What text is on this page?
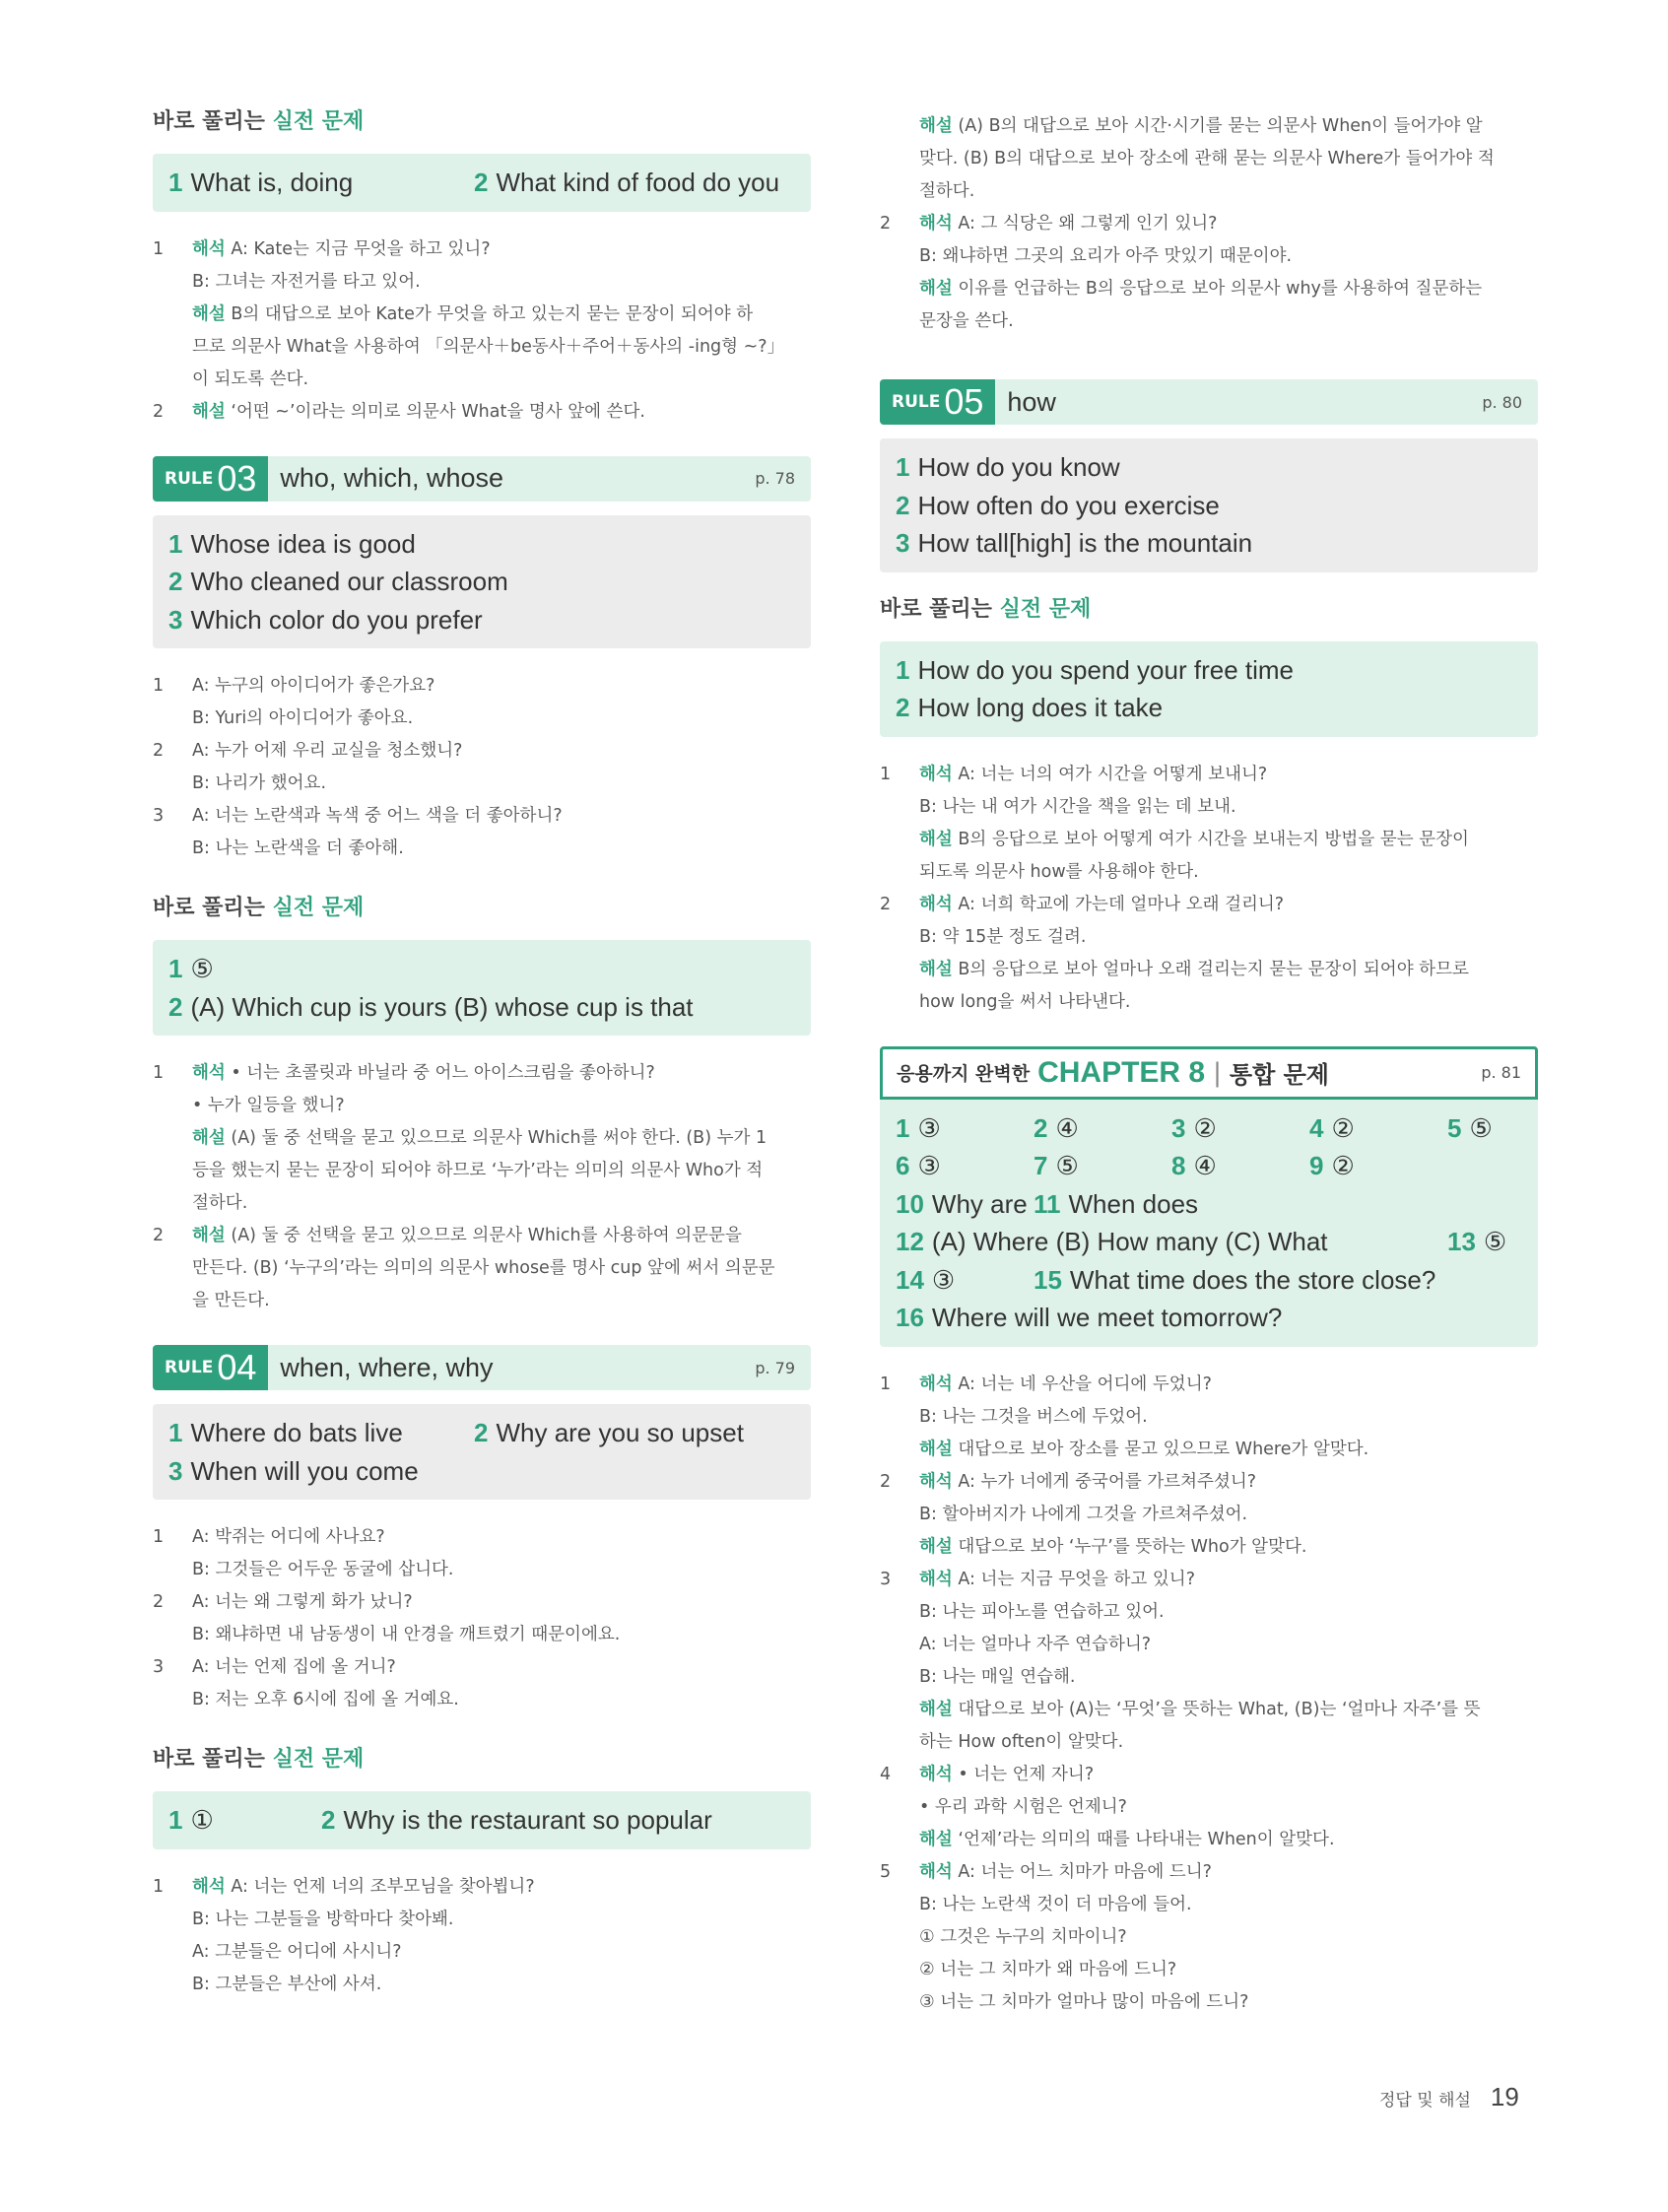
바로 풀리는 실전 문제
1 What is, doing	2 What kind of food do you
1	해석 A: Kate는 지금 무엇을 하고 있니?
B: 그녀는 자전거를 타고 있어.
해설 B의 대답으로 보아 Kate가 무엇을 하고 있는지 묻는 문장이 되어야 하
므로 의문사 What을 사용하여 「의문사＋be동사＋주어＋동사의 -ing형 ~?」
이 되도록 쓴다.
2	해설 ‘어떤 ~’이라는 의미로 의문사 What을 명사 앞에 쓴다.
RULE 03 who, which, whose	p. 78
1 Whose idea is good
2 Who cleaned our classroom
3 Which color do you prefer
1	A: 누구의 아이디어가 좋은가요?
B: Yuri의 아이디어가 좋아요.
2	A: 누가 어제 우리 교실을 청소했니?
B: 나리가 했어요.
3	A: 너는 노란색과 녹색 중 어느 색을 더 좋아하니?
B: 나는 노란색을 더 좋아해.
바로 풀리는 실전 문제
1 ⑤
2 (A) Which cup is yours (B) whose cup is that
1	해석 • 너는 초콜릿과 바닐라 중 어느 아이스크림을 좋아하니?
• 누가 일등을 했니?
해설 (A) 둘 중 선택을 묻고 있으므로 의문사 Which를 써야 한다. (B) 누가 1
등을 했는지 묻는 문장이 되어야 하므로 ‘누가’라는 의미의 의문사 Who가 적
절하다.
2	해설 (A) 둘 중 선택을 묻고 있으므로 의문사 Which를 사용하여 의문문을
만든다. (B) ‘누구의’라는 의미의 의문사 whose를 명사 cup 앞에 써서 의문문
을 만든다.
RULE 04 when, where, why	p. 79
1 Where do bats live	2 Why are you so upset
3 When will you come
1	A: 박쥐는 어디에 사나요?
B: 그것들은 어두운 동굴에 삽니다.
2	A: 너는 왜 그렇게 화가 났니?
B: 왜냐하면 내 남동생이 내 안경을 깨트렸기 때문이에요.
3	A: 너는 언제 집에 올 거니?
B: 저는 오후 6시에 집에 올 거예요.
바로 풀리는 실전 문제
1 ①	2 Why is the restaurant so popular
1	해석 A: 너는 언제 너의 조부모님을 찾아뵙니?
B: 나는 그분들을 방학마다 찾아봬.
A: 그분들은 어디에 사시니?
B: 그분들은 부산에 사셔.
해설 (A) B의 대답으로 보아 시간·시기를 묻는 의문사 When이 들어가야 알
맞다. (B) B의 대답으로 보아 장소에 관해 묻는 의문사 Where가 들어가야 적
절하다.
2	해석 A: 그 식당은 왜 그렇게 인기 있니?
B: 왜냐하면 그곳의 요리가 아주 맛있기 때문이야.
해설 이유를 언급하는 B의 응답으로 보아 의문사 why를 사용하여 질문하는
문장을 쓴다.
RULE 05 how	p. 80
1 How do you know
2 How often do you exercise
3 How tall[high] is the mountain
바로 풀리는 실전 문제
1 How do you spend your free time
2 How long does it take
1	해석 A: 너는 너의 여가 시간을 어떻게 보내니?
B: 나는 내 여가 시간을 책을 읽는 데 보내.
해설 B의 응답으로 보아 어떻게 여가 시간을 보내는지 방법을 묻는 문장이
되도록 의문사 how를 사용해야 한다.
2	해석 A: 너희 학교에 가는데 얼마나 오래 걸리니?
B: 약 15분 정도 걸려.
해설 B의 응답으로 보아 얼마나 오래 걸리는지 묻는 문장이 되어야 하므로
how long을 써서 나타낸다.
응용까지 완벽한 CHAPTER 8 | 통합 문제	p. 81
1 ③	2 ④	3 ②	4 ②	5 ⑤
6 ③	7 ⑤	8 ④	9 ②
10 Why are 11 When does
12 (A) Where (B) How many (C) What	13 ⑤
14 ③	15 What time does the store close?
16 Where will we meet tomorrow?
1	해석 A: 너는 네 우산을 어디에 두었니?
B: 나는 그것을 버스에 두었어.
해설 대답으로 보아 장소를 묻고 있으므로 Where가 알맞다.
2	해석 A: 누가 너에게 중국어를 가르쳐주셨니?
B: 할아버지가 나에게 그것을 가르쳐주셨어.
해설 대답으로 보아 ‘누구’를 뜻하는 Who가 알맞다.
3	해석 A: 너는 지금 무엇을 하고 있니?
B: 나는 피아노를 연습하고 있어.
A: 너는 얼마나 자주 연습하니?
B: 나는 매일 연습해.
해설 대답으로 보아 (A)는 ‘무엇’을 뜻하는 What, (B)는 ‘얼마나 자주’를 뜻
하는 How often이 알맞다.
4	해석 • 너는 언제 자니?
• 우리 과학 시험은 언제니?
해설 ‘언제’라는 의미의 때를 나타내는 When이 알맞다.
5	해석 A: 너는 어느 치마가 마음에 드니?
B: 나는 노란색 것이 더 마음에 들어.
① 그것은 누구의 치마이니?
② 너는 그 치마가 왜 마음에 드니?
③ 너는 그 치마가 얼마나 많이 마음에 드니?
정답 및 해설 19
